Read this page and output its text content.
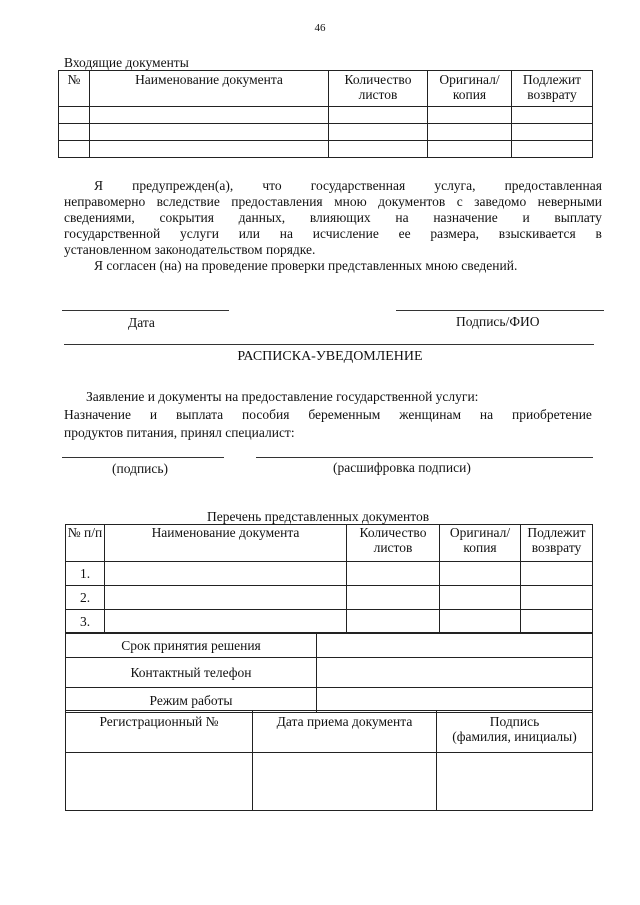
46
Входящие документы
№	Наименование документа	Количество листов	Оригинал/ копия	Подлежит возврату

Я предупрежден(а), что государственная услуга, предоставленная
неправомерно вследствие предоставления мною документов с заведомо неверными
сведениями, сокрытия данных, влияющих на назначение и выплату
государственной услуги или на исчисление ее размера, взыскивается в
установленном законодательством порядке.
Я согласен (на) на проведение проверки представленных мною сведений.
Дата	Подпись/ФИО
РАСПИСКА-УВЕДОМЛЕНИЕ
Заявление и документы на предоставление государственной услуги:
Назначение и выплата пособия беременным женщинам на приобретение
продуктов питания, принял специалист:
(подпись)	(расшифровка подписи)
Перечень представленных документов
№ п/п	Наименование документа	Количество листов	Оригинал/ копия	Подлежит возврату
1.				
2.				
3.				
Срок принятия решения	
Контактный телефон	
Режим работы	
Регистрационный №	Дата приема документа	Подпись
(фамилия, инициалы)
